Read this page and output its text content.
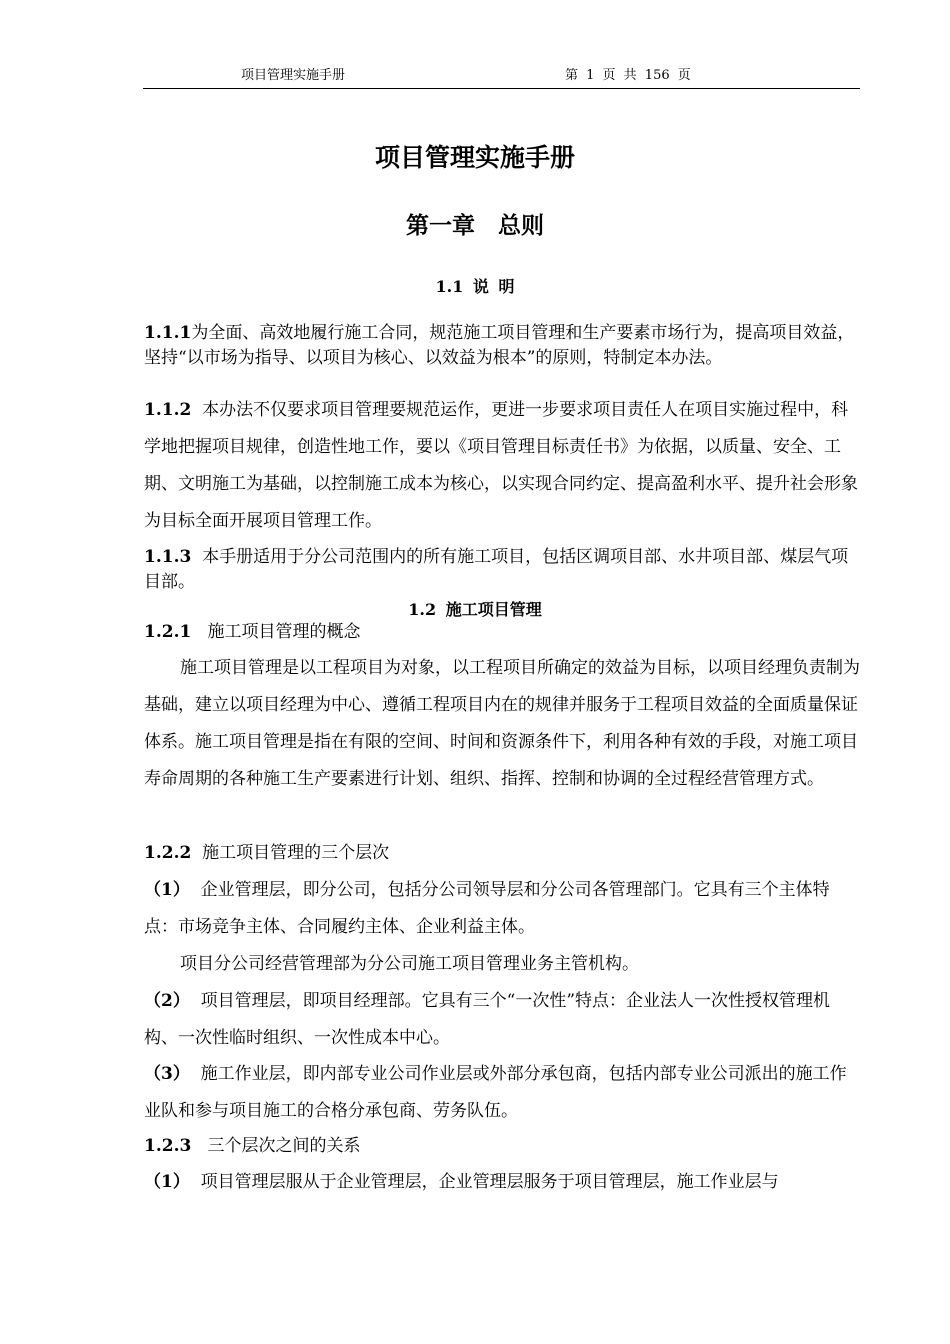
项目管理实施手册	第 1 页 共 156 页
项目管理实施手册
第一章　总则
1.1 说 明

1.1.1为全面、高效地履行施工合同，规范施工项目管理和生产要素市场行为，提高项目效益，坚持“以市场为指导、以项目为核心、以效益为根本”的原则，特制定本办法。

1.1.2 本办法不仅要求项目管理要规范运作，更进一步要求项目责任人在项目实施过程中，科学地把握项目规律，创造性地工作，要以《项目管理目标责任书》为依据，以质量、安全、工期、文明施工为基础，以控制施工成本为核心，以实现合同约定、提高盈利水平、提升社会形象为目标全面开展项目管理工作。

1.1.3 本手册适用于分公司范围内的所有施工项目，包括区调项目部、水井项目部、煤层气项目部。

1.2 施工项目管理

1.2.1 施工项目管理的概念

施工项目管理是以工程项目为对象，以工程项目所确定的效益为目标，以项目经理负责制为基础，建立以项目经理为中心、遵循工程项目内在的规律并服务于工程项目效益的全面质量保证体系。施工项目管理是指在有限的空间、时间和资源条件下，利用各种有效的手段，对施工项目寿命周期的各种施工生产要素进行计划、组织、指挥、控制和协调的全过程经营管理方式。

1.2.2 施工项目管理的三个层次

（1） 企业管理层，即分公司，包括分公司领导层和分公司各管理部门。它具有三个主体特点：市场竞争主体、合同履约主体、企业利益主体。

项目分公司经营管理部为分公司施工项目管理业务主管机构。

（2） 项目管理层，即项目经理部。它具有三个“一次性”特点：企业法人一次性授权管理机构、一次性临时组织、一次性成本中心。

（3） 施工作业层，即内部专业公司作业层或外部分承包商，包括内部专业公司派出的施工作业队和参与项目施工的合格分承包商、劳务队伍。

1.2.3 三个层次之间的关系

（1） 项目管理层服从于企业管理层，企业管理层服务于项目管理层，施工作业层与
